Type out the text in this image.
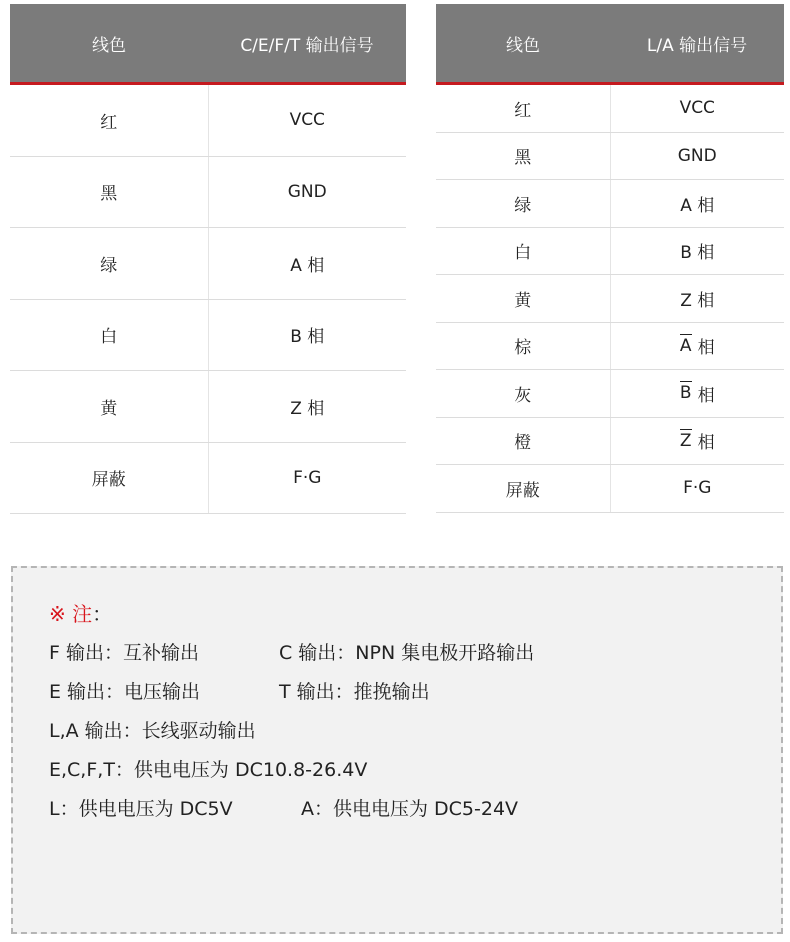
线色	C/E/F/T 输出信号
红	VCC
黑	GND
绿	A 相
白	B 相
黄	Z 相
屏蔽	F·G
线色	L/A 输出信号
红	VCC
黑	GND
绿	A 相
白	B 相
黄	Z 相
棕	A 相
灰	B 相
橙	Z 相
屏蔽	F·G
※ 注：
F 输出：互补输出	C 输出：NPN 集电极开路输出
E 输出：电压输出	T 输出：推挽输出
L,A 输出：长线驱动输出
E,C,F,T：供电电压为 DC10.8-26.4V
L：供电电压为 DC5V	A：供电电压为 DC5-24V
